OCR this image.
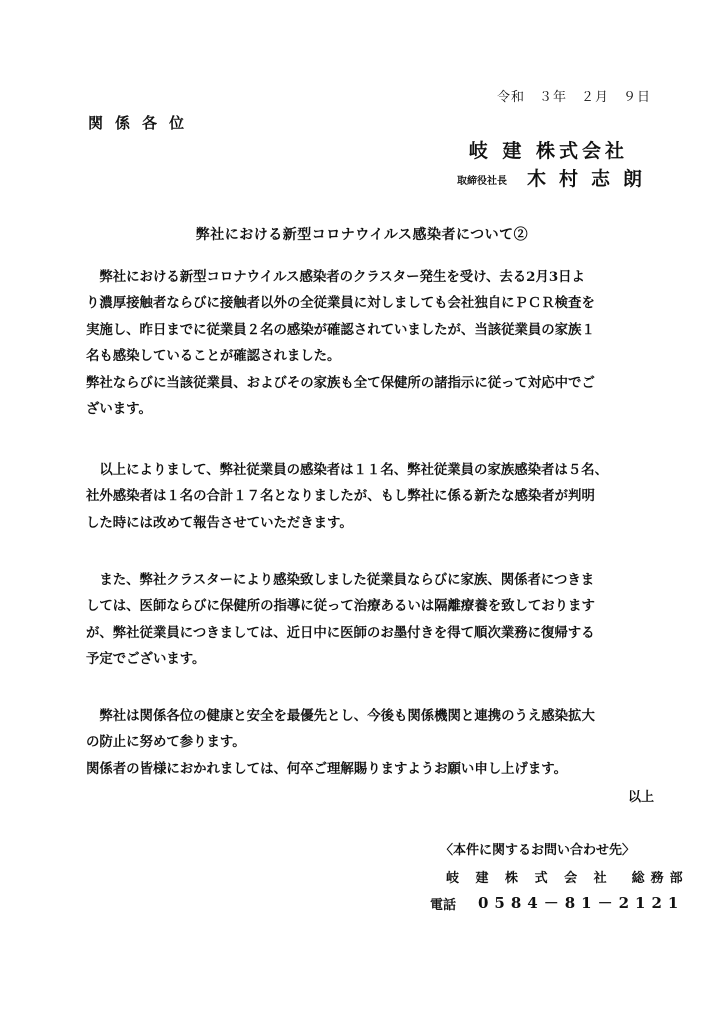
令和　３年　２月　９日
関係各位
岐 建 株式会社
取締役社長 木村志朗
弊社における新型コロナウイルス感染者について②
　弊社における新型コロナウイルス感染者のクラスター発生を受け、去る2月3日よ
り濃厚接触者ならびに接触者以外の全従業員に対しましても会社独自にＰＣＲ検査を
実施し、昨日までに従業員２名の感染が確認されていましたが、当該従業員の家族１
名も感染していることが確認されました。
弊社ならびに当該従業員、およびその家族も全て保健所の諸指示に従って対応中でご
ざいます。
　以上によりまして、弊社従業員の感染者は１１名、弊社従業員の家族感染者は５名、
社外感染者は１名の合計１７名となりましたが、もし弊社に係る新たな感染者が判明
した時には改めて報告させていただきます。
　また、弊社クラスターにより感染致しました従業員ならびに家族、関係者につきま
しては、医師ならびに保健所の指導に従って治療あるいは隔離療養を致しております
が、弊社従業員につきましては、近日中に医師のお墨付きを得て順次業務に復帰する
予定でございます。
　弊社は関係各位の健康と安全を最優先とし、今後も関係機関と連携のうえ感染拡大
の防止に努めて参ります。
関係者の皆様におかれましては、何卒ご理解賜りますようお願い申し上げます。
以上
〈本件に関するお問い合わせ先〉
岐 建 株 式 会 社　総務部
電話 0584－81－2121
